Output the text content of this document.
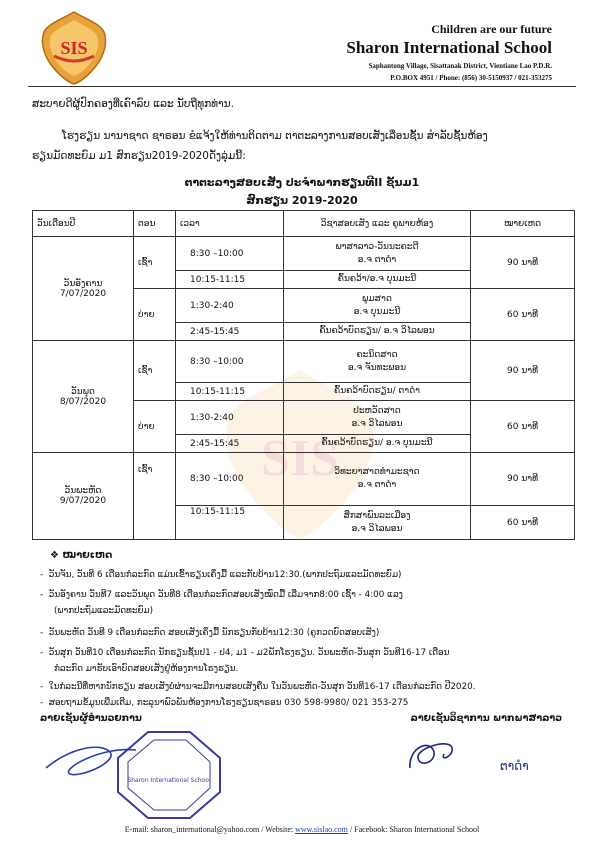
SIS
Children are our future
Sharon International School
Saphantong Village, Sisattanak District, Vientiane Lao P.D.R.
P.O.BOX 4951 / Phone: (856) 30-5150937 / 021-353275
SIS
ສະບາຍດີຜູ້ປົກຄອງທີ່ເຄົາລົບ ແລະ ນັບຖືທຸກທ່ານ.
ໂຮງຮຽນ ນານາຊາດ ຊາຣອນ ຂໍແຈ້ງໃຫ້ທ່ານຕິດຕາມ ຕາຕະລາງການສອບເສັງເລື່ອນຊັ້ນ ສຳລັບຊັ້ນຫ້ອງ
ຮຽນມັດທະຍົມ ມ1 ສົກຮຽນ2019-2020ດັ່ງລຸ່ມນີ້:
ຕາຕະລາງສອບເສັງ ປະຈຳພາກຮຽນທີII ຊັ້ນມ1
ສົກຮຽນ 2019-2020
ວັນເດືອນປີ	ຕອນ	ເວລາ	ວິຊາສອບເສັງ ແລະ ຄູພາຍຫ້ອງ	ໝາຍເຫດ
ວັນອັງຄານ
7/07/2020	ເຊົ້າ	8:30 –10:00	ພາສາລາວ-ວັນນະຄະດີ
ອ.ຈ ຕາດຳ	90 ນາທີ
		10:15-11:15	ຄົ້ນຄວ້າ/ອ.ຈ ບຸນມະນີ	
	ບ່າຍ	1:30-2:40	ພູມສາດ
ອ.ຈ ບຸນມະນີ	60 ນາທີ
		2:45-15:45	ຄົ້ນຄວ້າບົດຮຽນ/ ອ.ຈ ວິໄລພອນ	
ວັນພຸດ
8/07/2020	ເຊົ້າ	8:30 –10:00	ຄະນິດສາດ
ອ.ຈ ຈັນທະພອນ	90 ນາທີ
		10:15-11:15	ຄົ້ນຄວ້າບົດຮຽນ/ ຕາດຳ	
	ບ່າຍ	1:30-2:40	ປະຫວັດສາດ
ອ.ຈ ວິໄລພອນ	60 ນາທີ
		2:45-15:45	ຄົ້ນຄວ້າບົດຮຽນ/ ອ.ຈ ບຸນມະນີ	
ວັນພະຫັດ
9/07/2020	ເຊົ້າ	8:30 –10:00	ວິທະຍາສາດທຳມະຊາດ
ອ.ຈ ຕາດຳ	90 ນາທີ
		10:15-11:15	ສຶກສາພົນລະເມືອງ
ອ.ຈ ວິໄລພອນ	60 ນາທີ
❖ ໝາຍເຫດ
-  ວັນຈັນ, ວັນທີ 6 ເດືອນກໍລະກົດ ແມ່ນເຂົ້າຮຽນເຄິ່ງມື້ ແລະກັບບ້ານ12:30.(ພາກປະຖົມແລະມັດທະຍົມ)
-  ວັນອັງຄານ ວັນທີ7 ແລະວັນພຸດ ວັນທີ8 ເດືອນກໍລະກົດສອບເສັງໝົດມື້ ເລີ່ມຈາກ8:00 ເຊົ້າ - 4:00 ແລງ
(ພາກປະຖົມແລະມັດທະຍົມ)
-  ວັນພະຫັດ ວັນທີ 9 ເດືອນກໍລະກົດ ສອບເສັງເຄິ່ງມື້ ນັກຮຽນກັບບ້ານ12:30 (ຄູກວດບົດສອບເສັງ)
-  ວັນສຸກ ວັນທີ10 ເດືອນກໍລະກົດ ນັກຮຽນຊັ້ນປ1 - ປ4, ມ1 - ມ2ພັກໂຮງຮຽນ. ວັນພະຫັດ-ວັນສຸກ ວັນທີ16-17 ເດືອນ
ກໍລະກົດ ມາຮັບເອົາບົດສອບເສັງຢູ່ຫ້ອງການໂຮງຮຽນ.
-  ໃນກໍລະນີທີ່ຫາກນັກຮຽນ ສອບເສັງບໍ່ຜ່ານຈະມີການສອບເສັງຄືນ ໃນວັນພະຫັດ-ວັນສຸກ ວັນທີ16-17 ເດືອນກໍລະກົດ ປີ2020.
-  ສອບຖາມຂໍ້ມູນເພີ່ມເຕີມ, ກະລຸນາພົວພັນຫ້ອງການໂຮງຮຽນຊາຣອນ 030 598-9980/ 021 353-275
ລາຍເຊັນຜູ້ອຳນວຍການ	ລາຍເຊັນວິຊາການ ພາກພາສາລາວ
Sharon International School
ຕາດຳ
E-mail: sharon_international@yahoo.com / Website: www.sislao.com / Facebook: Sharon International School
